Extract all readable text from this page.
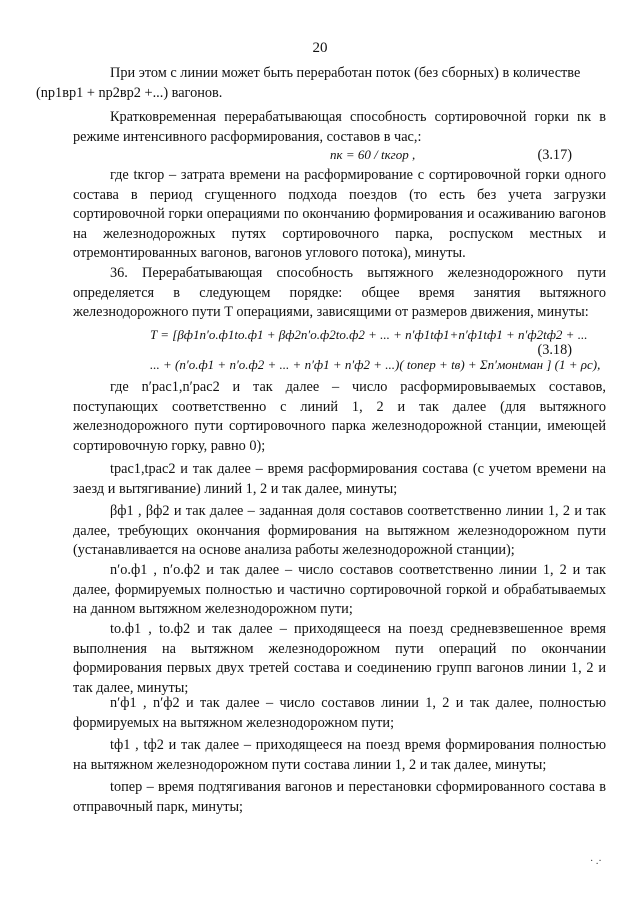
20
При этом с линии может быть переработан поток (без сборных) в количестве
(nр1вр1 + nр2вр2 +...) вагонов.
Кратковременная перерабатывающая способность сортировочной горки nк в режиме интенсивного расформирования, составов в час,:
nк = 60 / tкгор ,	(3.17)
где tкгор – затрата времени на расформирование с сортировочной горки одного состава в период сгущенного подхода поездов (то есть без учета загрузки сортировочной горки операциями по окончанию формирования и осаживанию вагонов на железнодорожных путях сортировочного парка, роспуском местных и отремонтированных вагонов, вагонов углового потока), минуты.
36. Перерабатывающая способность вытяжного железнодорожного пути определяется в следующем порядке: общее время занятия вытяжного железнодорожного пути T операциями, зависящими от размеров движения, минуты:
T = [βф1n′о.ф1tо.ф1 + βф2n′о.ф2tо.ф2 + ... + n′ф1tф1+n′ф1tф1 + n′ф2tф2 + ...
... + (n′о.ф1 + n′о.ф2 + ... + n′ф1 + n′ф2 + ...)( tопер + tв) + Σn′монtман ] (1 + ρс),
(3.18)
где n′рас1,n′рас2 и так далее – число расформировываемых составов, поступающих соответственно с линий 1, 2 и так далее (для вытяжного железнодорожного пути сортировочного парка железнодорожной станции, имеющей сортировочную горку, равно 0);
tрас1,tрас2 и так далее – время расформирования состава (с учетом времени на заезд и вытягивание) линий 1, 2 и так далее, минуты;
βф1 , βф2 и так далее – заданная доля составов соответственно линии 1, 2 и так далее, требующих окончания формирования на вытяжном железнодорожном пути (устанавливается на основе анализа работы железнодорожной станции);
n′о.ф1 , n′о.ф2 и так далее – число составов соответственно линии 1, 2 и так далее, формируемых полностью и частично сортировочной горкой и обрабатываемых на данном вытяжном железнодорожном пути;
tо.ф1 , tо.ф2 и так далее – приходящееся на поезд средневзвешенное время выполнения на вытяжном железнодорожном пути операций по окончании формирования первых двух третей состава и соединению групп вагонов линии 1, 2 и так далее, минуты;
n′ф1 , n′ф2 и так далее – число составов линии 1, 2 и так далее, полностью формируемых на вытяжном железнодорожном пути;
tф1 , tф2 и так далее – приходящееся на поезд время формирования полностью на вытяжном железнодорожном пути состава линии 1, 2 и так далее, минуты;
tопер – время подтягивания вагонов и перестановки сформированного состава в отправочный парк, минуты;
· .·
